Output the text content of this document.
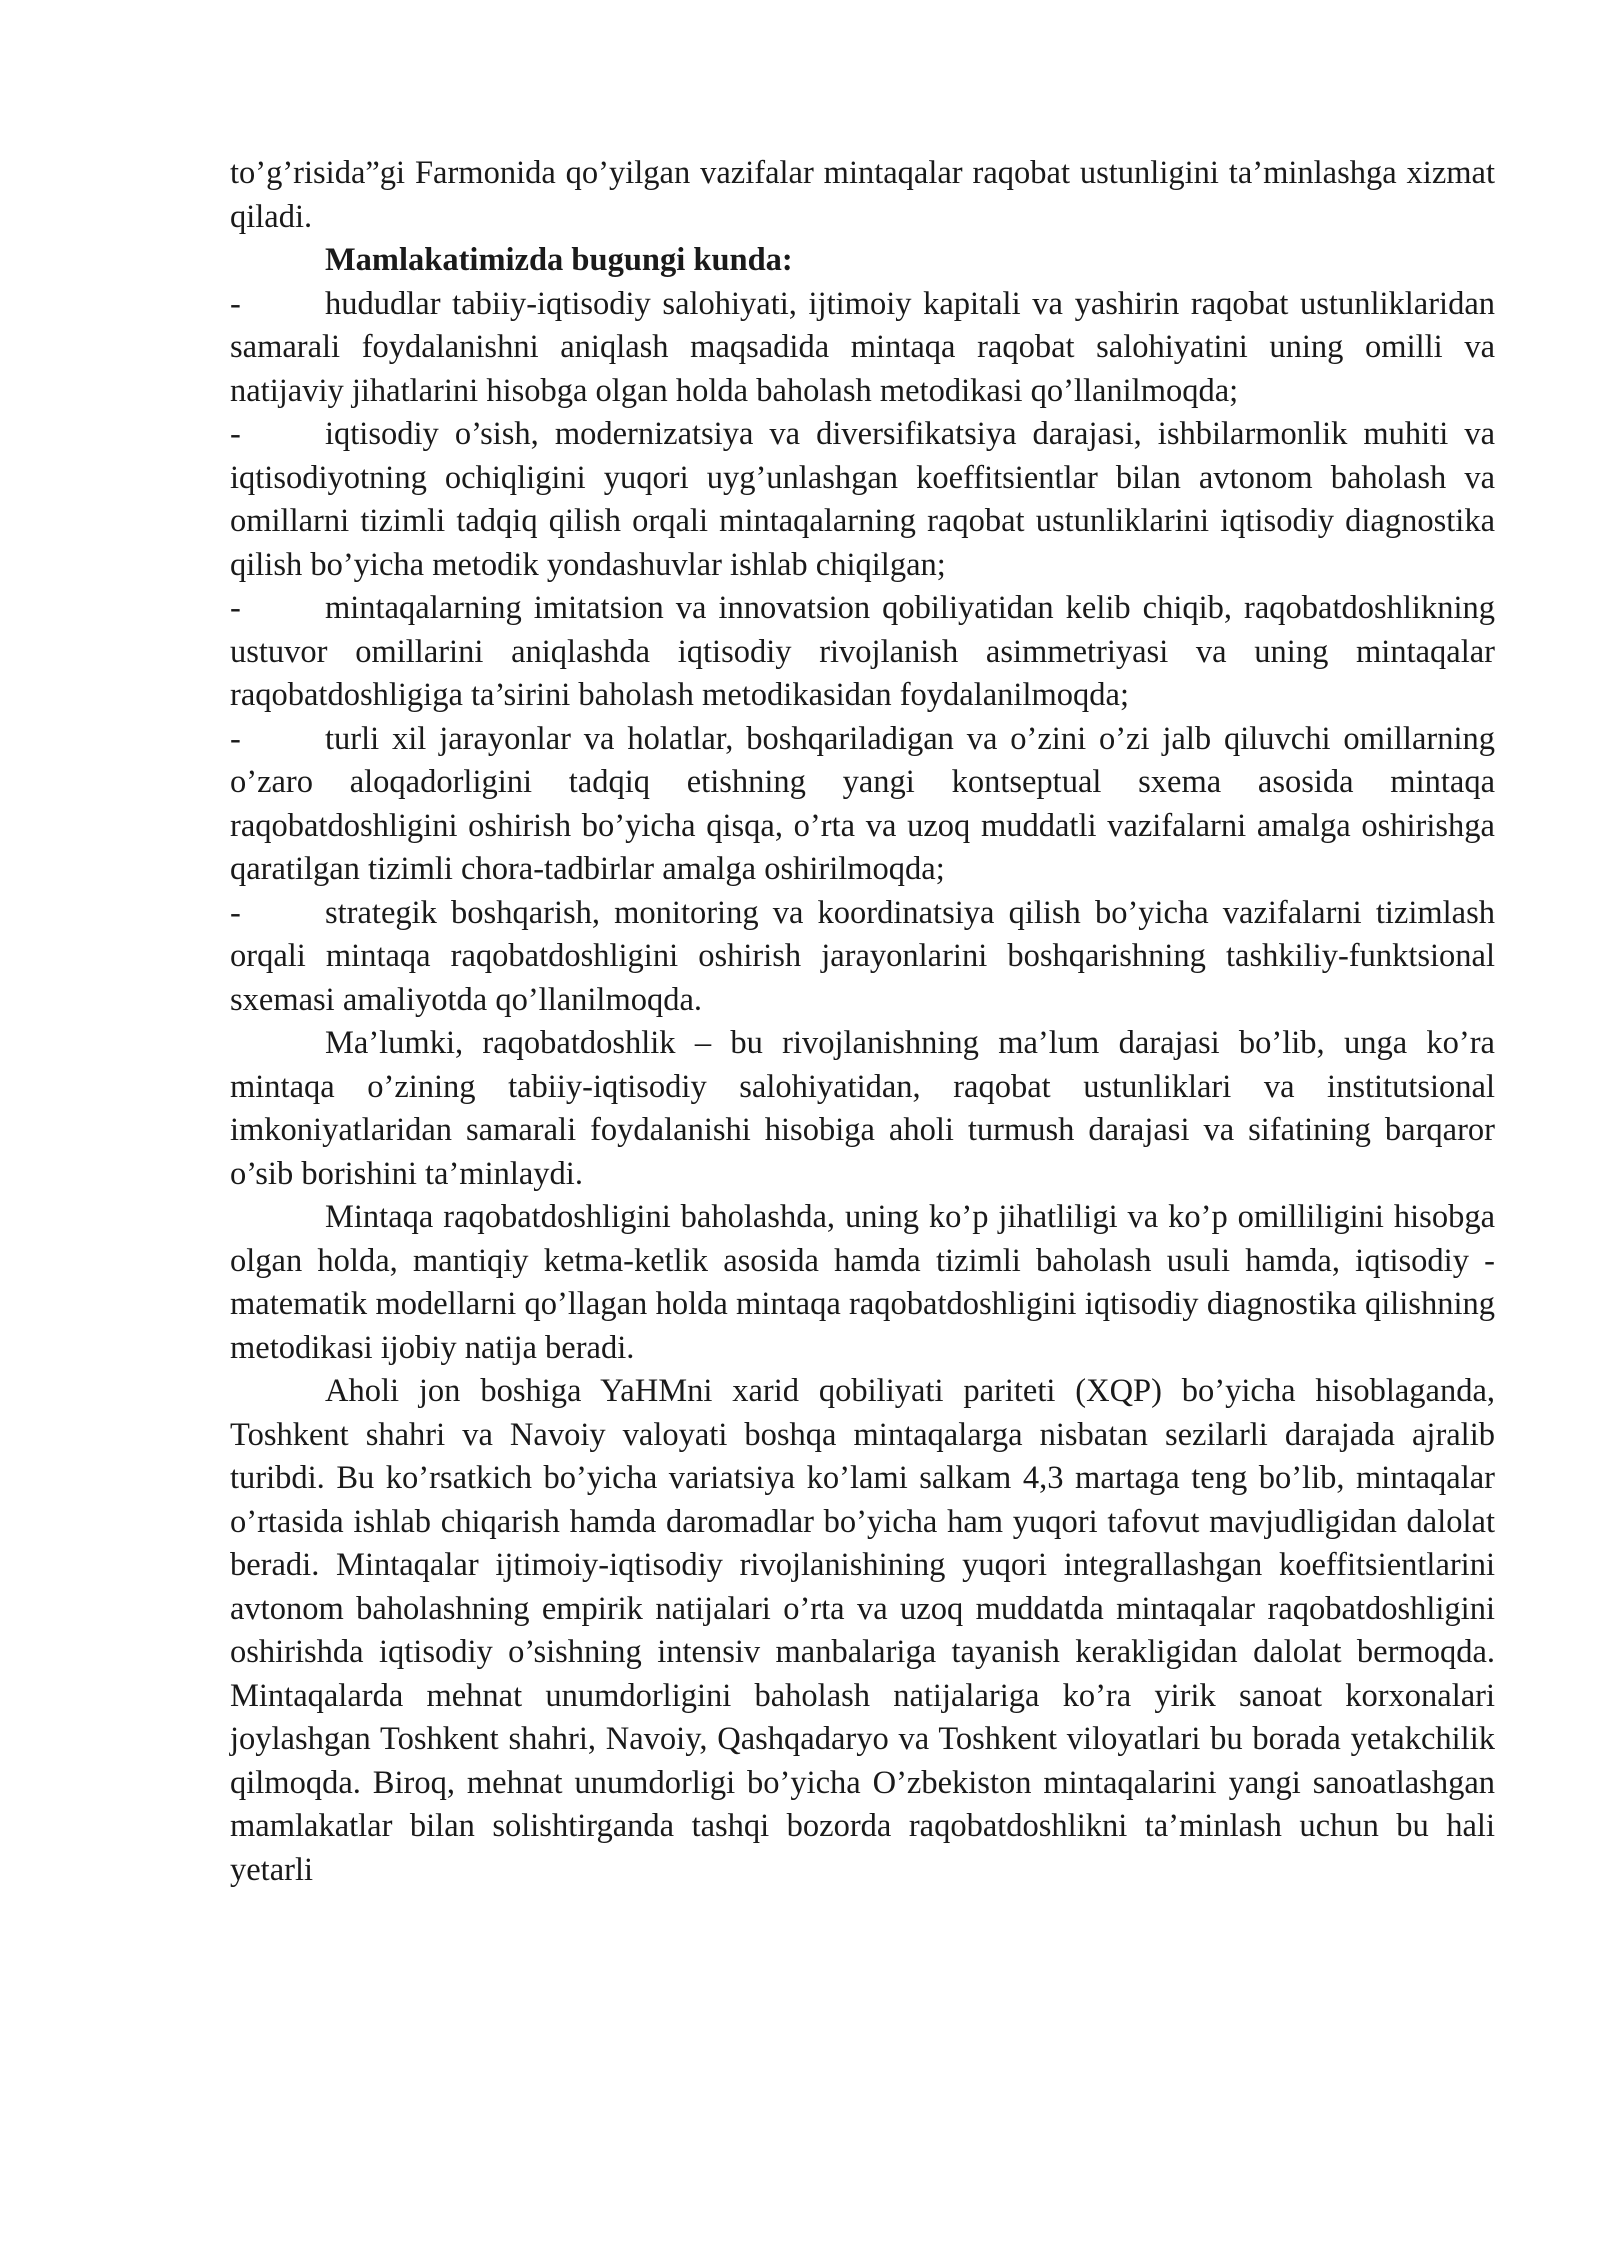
to’g’risida”gi Farmonida qo’yilgan vazifalar mintaqalar raqobat ustunligini ta’minlashga xizmat qiladi.

Mamlakatimizda bugungi kunda:

-	hududlar tabiiy-iqtisodiy salohiyati, ijtimoiy kapitali va yashirin raqobat ustunliklaridan samarali foydalanishni aniqlash maqsadida mintaqa raqobat salohiyatini uning omilli va natijaviy jihatlarini hisobga olgan holda baholash metodikasi qo’llanilmoqda;

-	iqtisodiy o’sish, modernizatsiya va diversifikatsiya darajasi, ishbilarmonlik muhiti va iqtisodiyotning ochiqligini yuqori uyg’unlashgan koeffitsientlar bilan avtonom baholash va omillarni tizimli tadqiq qilish orqali mintaqalarning raqobat ustunliklarini iqtisodiy diagnostika qilish bo’yicha metodik yondashuvlar ishlab chiqilgan;

-	mintaqalarning imitatsion va innovatsion qobiliyatidan kelib chiqib, raqobatdoshlikning ustuvor omillarini aniqlashda iqtisodiy rivojlanish asimmetriyasi va uning mintaqalar raqobatdoshligiga ta’sirini baholash metodikasidan foydalanilmoqda;

-	turli xil jarayonlar va holatlar, boshqariladigan va o’zini o’zi jalb qiluvchi omillarning o’zaro aloqadorligini tadqiq etishning yangi kontseptual sxema asosida mintaqa raqobatdoshligini oshirish bo’yicha qisqa, o’rta va uzoq muddatli vazifalarni amalga oshirishga qaratilgan tizimli chora-tadbirlar amalga oshirilmoqda;

-	strategik boshqarish, monitoring va koordinatsiya qilish bo’yicha vazifalarni tizimlash orqali mintaqa raqobatdoshligini oshirish jarayonlarini boshqarishning tashkiliy-funktsional sxemasi amaliyotda qo’llanilmoqda.

Ma’lumki, raqobatdoshlik – bu rivojlanishning ma’lum darajasi bo’lib, unga ko’ra mintaqa o’zining tabiiy-iqtisodiy salohiyatidan, raqobat ustunliklari va institutsional imkoniyatlaridan samarali foydalanishi hisobiga aholi turmush darajasi va sifatining barqaror o’sib borishini ta’minlaydi.

Mintaqa raqobatdoshligini baholashda, uning ko’p jihatliligi va ko’p omilliligini hisobga olgan holda, mantiqiy ketma-ketlik asosida hamda tizimli baholash usuli hamda, iqtisodiy - matematik modellarni qo’llagan holda mintaqa raqobatdoshligini iqtisodiy diagnostika qilishning metodikasi ijobiy natija beradi.

Aholi jon boshiga YaHMni xarid qobiliyati pariteti (XQP) bo’yicha hisoblaganda, Toshkent shahri va Navoiy valoyati boshqa mintaqalarga nisbatan sezilarli darajada ajralib turibdi. Bu ko’rsatkich bo’yicha variatsiya ko’lami salkam 4,3 martaga teng bo’lib, mintaqalar o’rtasida ishlab chiqarish hamda daromadlar bo’yicha ham yuqori tafovut mavjudligidan dalolat beradi. Mintaqalar ijtimoiy-iqtisodiy rivojlanishining yuqori integrallashgan koeffitsientlarini avtonom baholashning empirik natijalari o’rta va uzoq muddatda mintaqalar raqobatdoshligini oshirishda iqtisodiy o’sishning intensiv manbalariga tayanish kerakligidan dalolat bermoqda. Mintaqalarda mehnat unumdorligini baholash natijalariga ko’ra yirik sanoat korxonalari joylashgan Toshkent shahri, Navoiy, Qashqadaryo va Toshkent viloyatlari bu borada yetakchilik qilmoqda. Biroq, mehnat unumdorligi bo’yicha O’zbekiston mintaqalarini yangi sanoatlashgan mamlakatlar bilan solishtirganda tashqi bozorda raqobatdoshlikni ta’minlash uchun bu hali yetarli
